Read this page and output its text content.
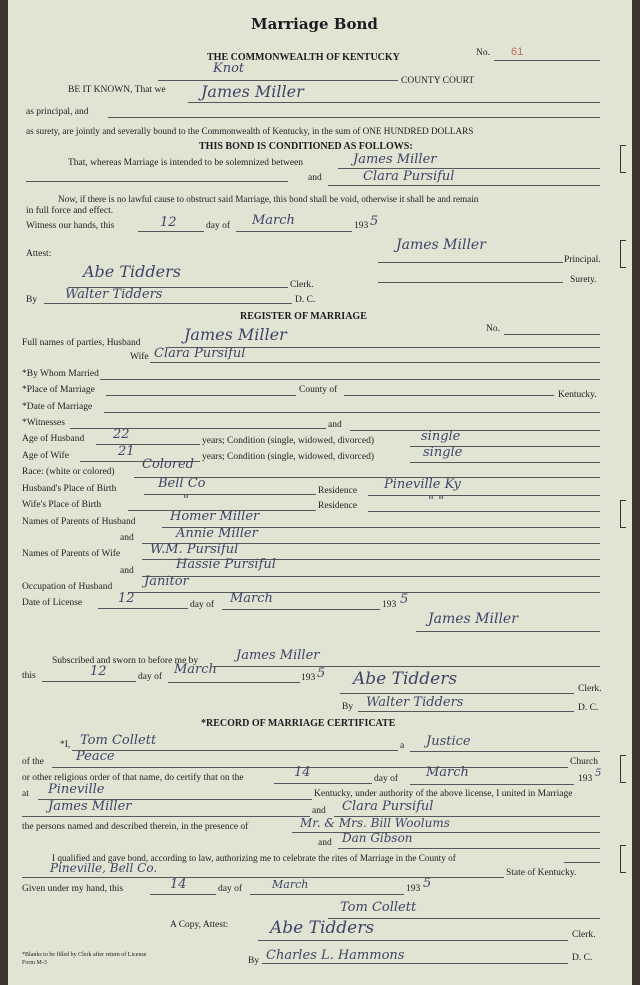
Marriage Bond
THE COMMONWEALTH OF KENTUCKY	No. 61
Knot
COUNTY COURT
BE IT KNOWN, That we James Miller
as principal, and
as surety, are jointly and severally bound to the Commonwealth of Kentucky, in the sum of ONE HUNDRED DOLLARS
THIS BOND IS CONDITIONED AS FOLLOWS:
That, whereas Marriage is intended to be solemnized between	James Miller
and	Clara Pursiful
Now, if there is no lawful cause to obstruct said Marriage, this bond shall be void, otherwise it shall be and remain
in full force and effect.
Witness our hands, this	12	day of March	193 5
Attest:
James Miller
Principal.
Abe Tidders
Clerk.	Surety.
By Walter Tidders	D. C.
REGISTER OF MARRIAGE
No.
Full names of parties, Husband	James Miller
Wife Clara Pursiful
*By Whom Married
*Place of Marriage	County of	Kentucky.
*Date of Marriage
*Witnesses	and
Age of Husband 22	years; Condition (single, widowed, divorced)	single
Age of Wife	21	years; Condition (single, widowed, divorced)	single
Race: (white or colored) Colored
Husband's Place of Birth	Bell Co	Residence Pineville Ky
Wife's Place of Birth	"	Residence	" "
Names of Parents of Husband	Homer Miller
and	Annie Miller
Names of Parents of Wife W.M. Pursiful
and	Hassie Pursiful
Occupation of Husband Janitor
Date of License	12	day of March	193 5
James Miller
Subscribed and sworn to before me by	James Miller
this	12	day of March
193 5 Abe Tidders	Clerk.
By Walter Tidders	D. C.
*RECORD OF MARRIAGE CERTIFICATE
*I, Tom Collett	a Justice
of the Peace	Church
or other religious order of that name, do certify that on the	14	day of March	193 5
at Pineville	Kentucky, under authority of the above license, I united in Marriage
James Miller	and Clara Pursiful
the persons named and described therein, in the presence of	Mr. & Mrs. Bill Woolums
and Dan Gibson
I qualified and gave bond, according to law, authorizing me to celebrate the rites of Marriage in the County of
Pineville, Bell Co.	State of Kentucky.
Given under my hand, this	14	day of	March	193 5
Tom Collett
A Copy, Attest: Abe Tidders	Clerk.
By Charles L. Hammons	D. C.
*Blanks to be filled by Clerk after return of License
Form M-3
